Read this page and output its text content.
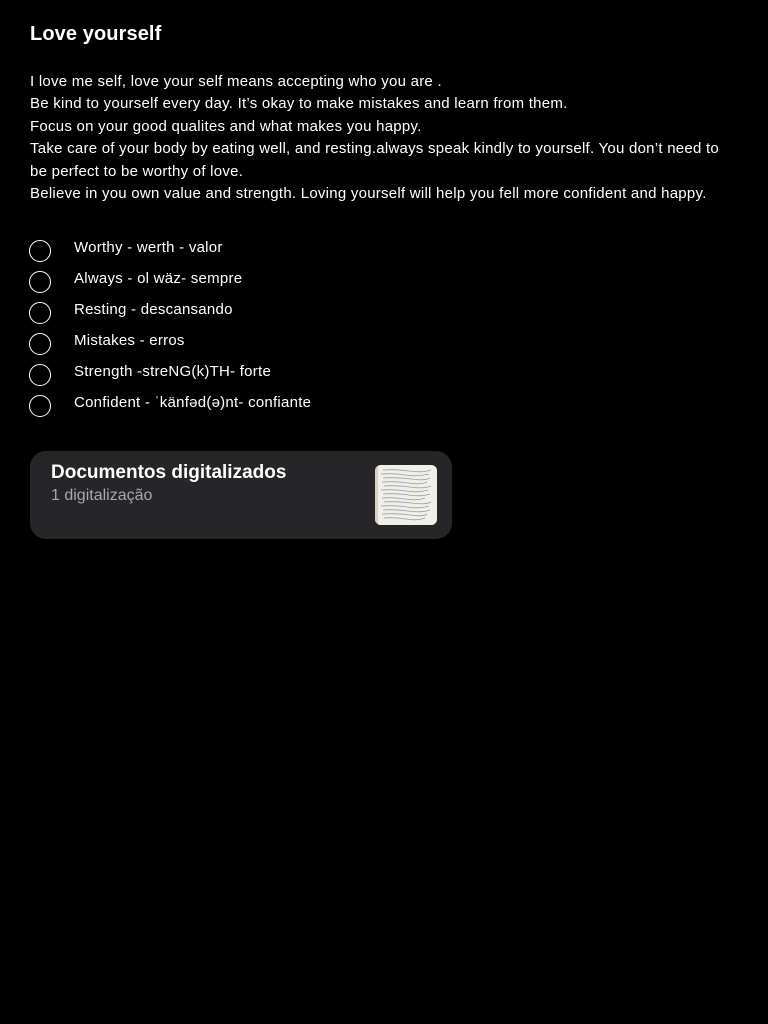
Love yourself
I love me self, love your self means accepting who you are .
Be kind to yourself every day. It’s okay to make mistakes and learn from them.
Focus on your good qualites and what makes you happy.
Take care of your body by eating well, and resting.always speak kindly to yourself. You don’t need to be perfect to be worthy of love.
Believe in you own value and strength. Loving yourself will help you fell more confident and happy.
Worthy - werth - valor
Always - ol wäz- sempre
Resting - descansando
Mistakes - erros
Strength -streNG(k)TH- forte
Confident - ˈkänfəd(ə)nt- confiante
Documentos digitalizados
1 digitalização
